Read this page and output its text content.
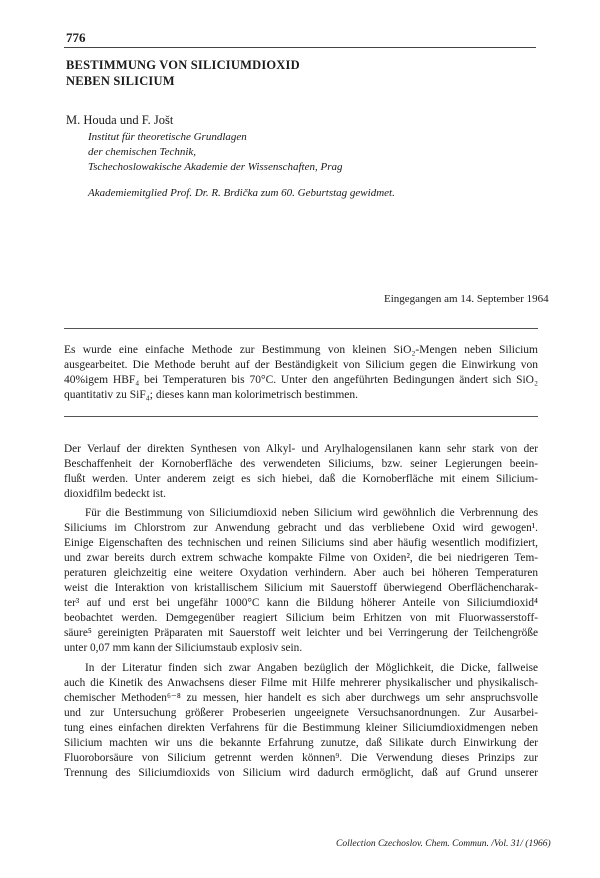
776
BESTIMMUNG VON SILICIUMDIOXID
NEBEN SILICIUM
M. Houda und F. Jošt
Institut für theoretische Grundlagen
der chemischen Technik,
Tschechoslowakische Akademie der Wissenschaften, Prag
Akademiemitglied Prof. Dr. R. Brdička zum 60. Geburtstag gewidmet.
Eingegangen am 14. September 1964
Es wurde eine einfache Methode zur Bestimmung von kleinen SiO₂-Mengen neben Silicium ausgearbeitet. Die Methode beruht auf der Beständigkeit von Silicium gegen die Einwirkung von 40%igem HBF₄ bei Temperaturen bis 70°C. Unter den angeführten Bedingungen ändert sich SiO₂ quantitativ zu SiF₄; dieses kann man kolorimetrisch bestimmen.
Der Verlauf der direkten Synthesen von Alkyl- und Arylhalogensilanen kann sehr stark von der
Beschaffenheit der Kornoberfläche des verwendeten Siliciums, bzw. seiner Legierungen beein-
flußt werden. Unter anderem zeigt es sich hiebei, daß die Kornoberfläche mit einem Silicium-
dioxidfilm bedeckt ist.
Für die Bestimmung von Siliciumdioxid neben Silicium wird gewöhnlich die Verbrennung des
Siliciums im Chlorstrom zur Anwendung gebracht und das verbliebene Oxid wird gewogen¹.
Einige Eigenschaften des technischen und reinen Siliciums sind aber häufig wesentlich modifiziert,
und zwar bereits durch extrem schwache kompakte Filme von Oxiden², die bei niedrigeren Tem-
peraturen gleichzeitig eine weitere Oxydation verhindern. Aber auch bei höheren Temperaturen
weist die Interaktion von kristallischem Silicium mit Sauerstoff überwiegend Oberflächencharak-
ter³ auf und erst bei ungefähr 1000°C kann die Bildung höherer Anteile von Siliciumdioxid⁴
beobachtet werden. Demgegenüber reagiert Silicium beim Erhitzen von mit Fluorwasserstoff-
säure⁵ gereinigten Präparaten mit Sauerstoff weit leichter und bei Verringerung der Teilchengröße
unter 0,07 mm kann der Siliciumstaub explosiv sein.
In der Literatur finden sich zwar Angaben bezüglich der Möglichkeit, die Dicke, fallweise
auch die Kinetik des Anwachsens dieser Filme mit Hilfe mehrerer physikalischer und physikalisch-
chemischer Methoden⁶⁻⁸ zu messen, hier handelt es sich aber durchwegs um sehr anspruchsvolle
und zur Untersuchung größerer Probeserien ungeeignete Versuchsanordnungen. Zur Ausarbei-
tung eines einfachen direkten Verfahrens für die Bestimmung kleiner Siliciumdioxidmengen neben
Silicium machten wir uns die bekannte Erfahrung zunutze, daß Silikate durch Einwirkung der
Fluoroborsäure von Silicium getrennt werden können⁹. Die Verwendung dieses Prinzips zur
Trennung des Siliciumdioxids von Silicium wird dadurch ermöglicht, daß auf Grund unserer
Collection Czechoslov. Chem. Commun. /Vol. 31/ (1966)
